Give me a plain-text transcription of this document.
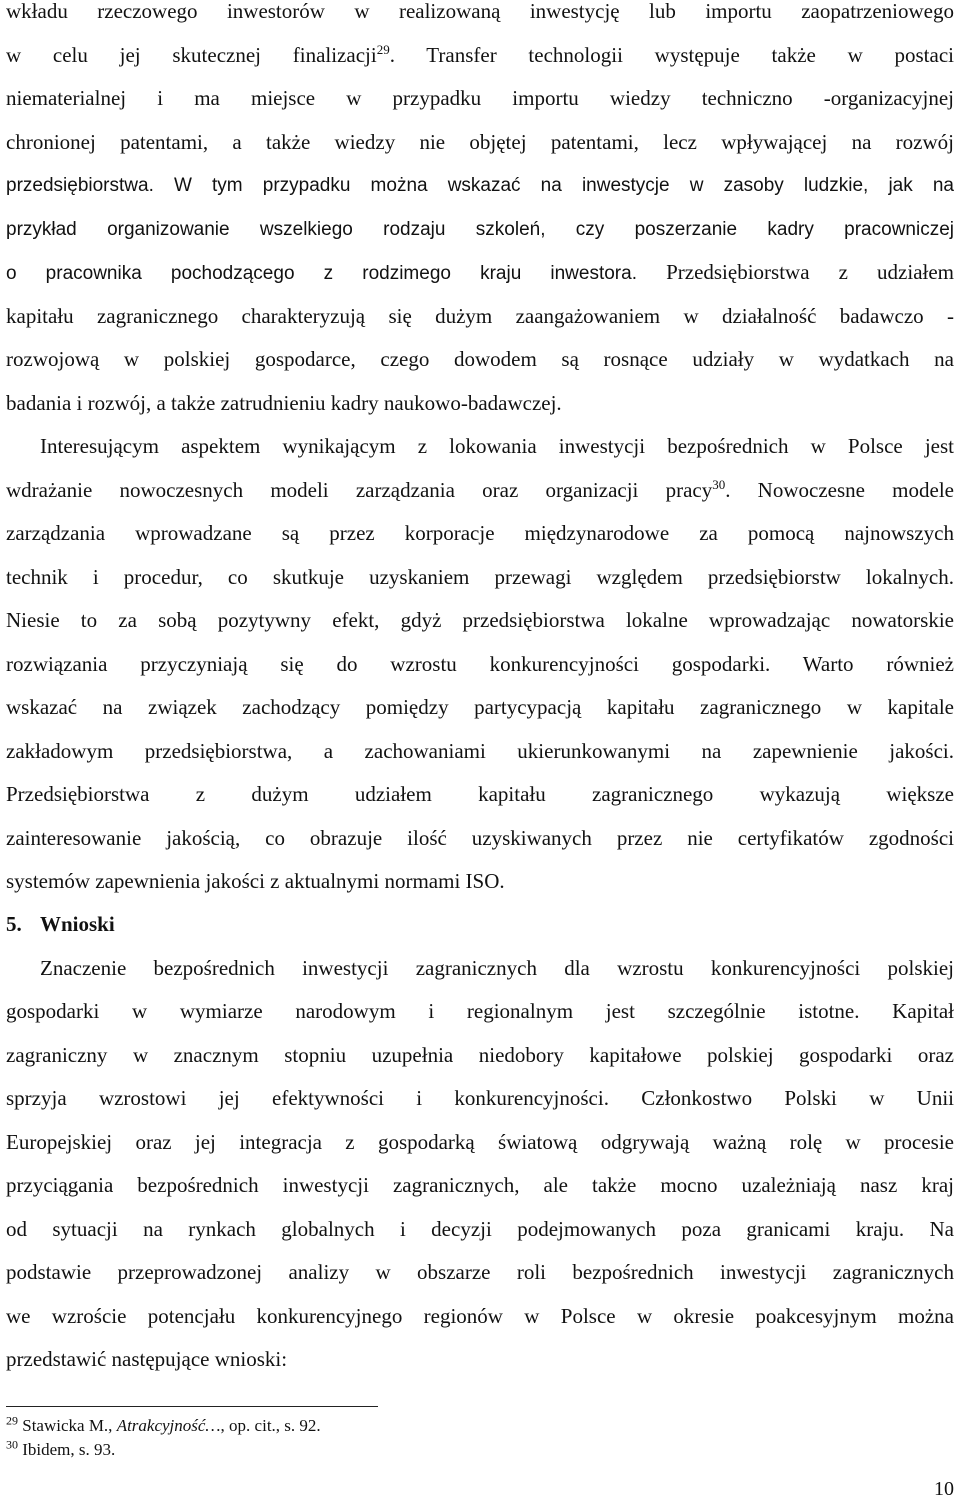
wkładu rzeczowego inwestorów w realizowaną inwestycję lub importu zaopatrzeniowego
w celu jej skutecznej finalizacji$^{29}$. Transfer technologii występuje także w postaci
niematerialnej i ma miejsce w przypadku importu wiedzy techniczno -organizacyjnej
chronionej patentami, a także wiedzy nie objętej patentami, lecz wpływającej na rozwój
przedsiębiorstwa. W tym przypadku można wskazać na inwestycje w zasoby ludzkie, jak na
przykład organizowanie wszelkiego rodzaju szkoleń, czy poszerzanie kadry pracowniczej
o pracownika pochodzącego z rodzimego kraju inwestora. Przedsiębiorstwa z udziałem
kapitału zagranicznego charakteryzują się dużym zaangażowaniem w działalność badawczo -
rozwojową w polskiej gospodarce, czego dowodem są rosnące udziały w wydatkach na
badania i rozwój, a także zatrudnieniu kadry naukowo-badawczej.
Interesującym aspektem wynikającym z lokowania inwestycji bezpośrednich w Polsce jest
wdrażanie nowoczesnych modeli zarządzania oraz organizacji pracy$^{30}$. Nowoczesne modele
zarządzania wprowadzane są przez korporacje międzynarodowe za pomocą najnowszych
technik i procedur, co skutkuje uzyskaniem przewagi względem przedsiębiorstw lokalnych.
Niesie to za sobą pozytywny efekt, gdyż przedsiębiorstwa lokalne wprowadzając nowatorskie
rozwiązania przyczyniają się do wzrostu konkurencyjności gospodarki. Warto również
wskazać na związek zachodzący pomiędzy partycypacją kapitału zagranicznego w kapitale
zakładowym przedsiębiorstwa, a zachowaniami ukierunkowanymi na zapewnienie jakości.
Przedsiębiorstwa z dużym udziałem kapitału zagranicznego wykazują większe
zainteresowanie jakością, co obrazuje ilość uzyskiwanych przez nie certyfikatów zgodności
systemów zapewnienia jakości z aktualnymi normami ISO.
5. Wnioski
Znaczenie bezpośrednich inwestycji zagranicznych dla wzrostu konkurencyjności polskiej
gospodarki w wymiarze narodowym i regionalnym jest szczególnie istotne. Kapitał
zagraniczny w znacznym stopniu uzupełnia niedobory kapitałowe polskiej gospodarki oraz
sprzyja wzrostowi jej efektywności i konkurencyjności. Członkostwo Polski w Unii
Europejskiej oraz jej integracja z gospodarką światową odgrywają ważną rolę w procesie
przyciągania bezpośrednich inwestycji zagranicznych, ale także mocno uzależniają nasz kraj
od sytuacji na rynkach globalnych i decyzji podejmowanych poza granicami kraju. Na
podstawie przeprowadzonej analizy w obszarze roli bezpośrednich inwestycji zagranicznych
we wzroście potencjału konkurencyjnego regionów w Polsce w okresie poakcesyjnym można
przedstawić następujące wnioski:
$^{29}$ Stawicka M., Atrakcyjność…, op. cit., s. 92.
$^{30}$ Ibidem, s. 93.
10
